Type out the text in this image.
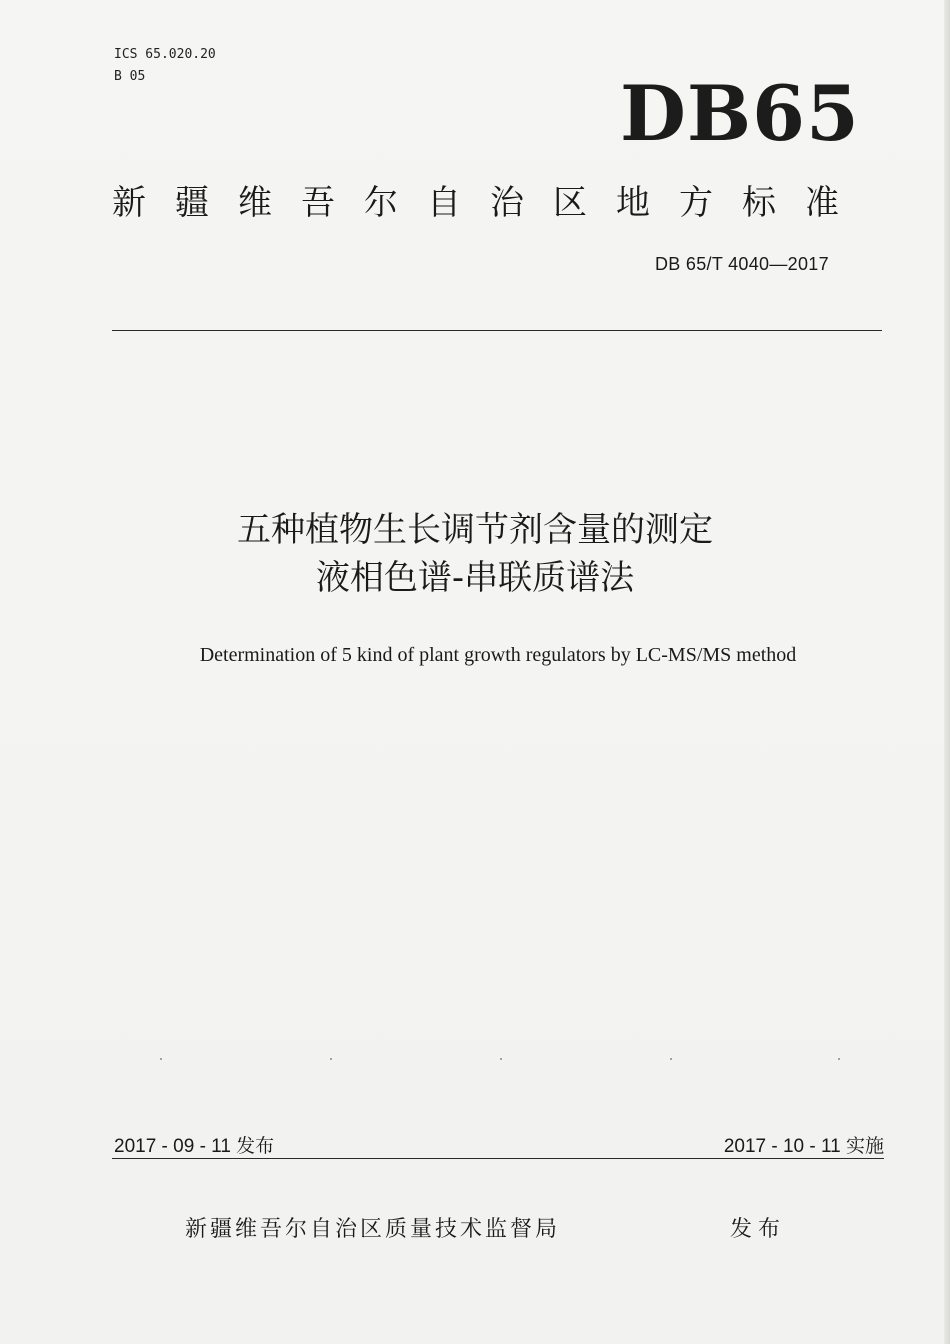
ICS 65.020.20
B 05	DB65
新疆维吾尔自治区地方标准
DB 65/T 4040—2017
五种植物生长调节剂含量的测定
液相色谱-串联质谱法
Determination of 5 kind of plant growth regulators by LC-MS/MS method
2017 - 09 - 11 发布	2017 - 10 - 11 实施
新疆维吾尔自治区质量技术监督局	发布
